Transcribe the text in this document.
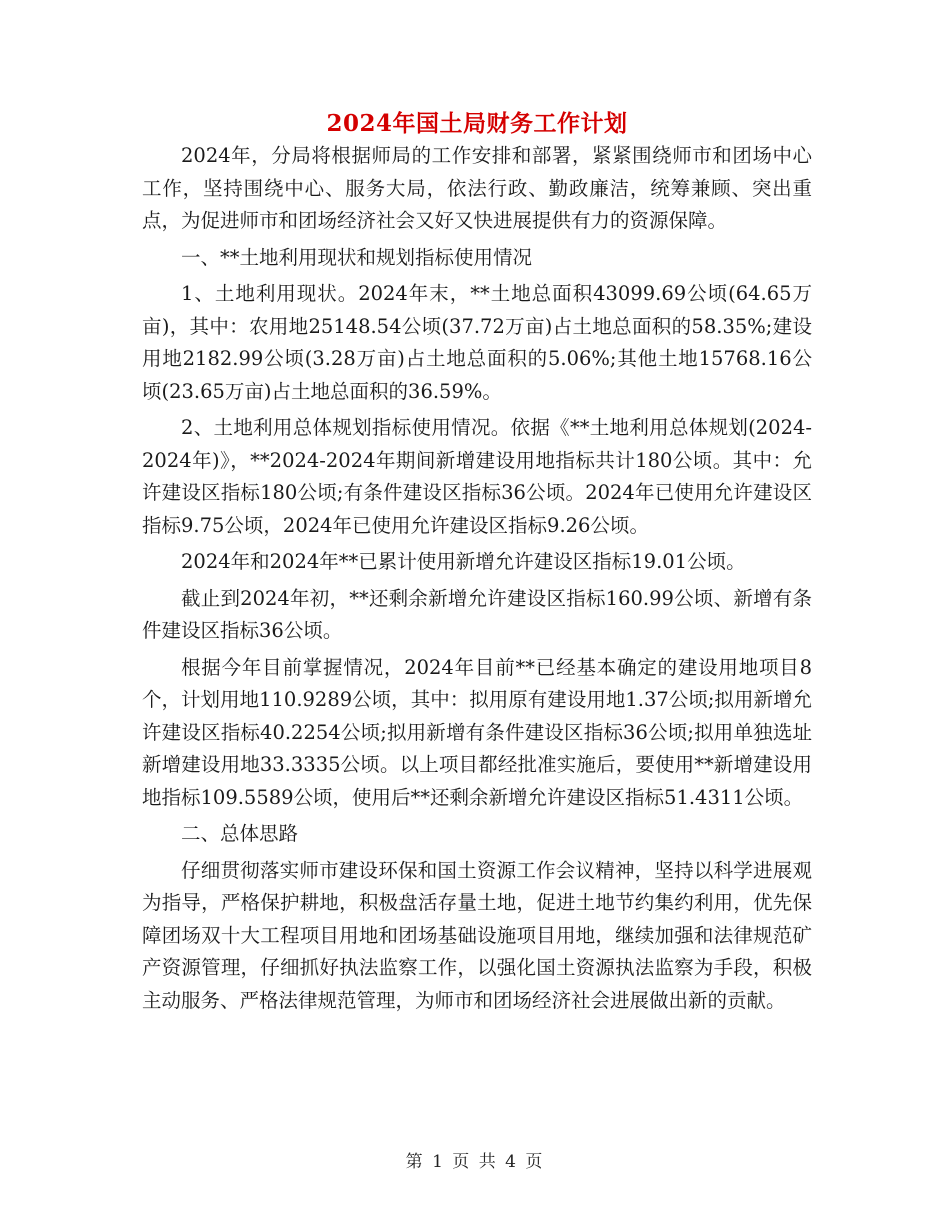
2024年国土局财务工作计划

2024年，分局将根据师局的工作安排和部署，紧紧围绕师市和团场中心工作，坚持围绕中心、服务大局，依法行政、勤政廉洁，统筹兼顾、突出重点，为促进师市和团场经济社会又好又快进展提供有力的资源保障。

一、**土地利用现状和规划指标使用情况

1、土地利用现状。2024年末，**土地总面积43099.69公顷(64.65万亩)，其中：农用地25148.54公顷(37.72万亩)占土地总面积的58.35%;建设用地2182.99公顷(3.28万亩)占土地总面积的5.06%;其他土地15768.16公顷(23.65万亩)占土地总面积的36.59%。

2、土地利用总体规划指标使用情况。依据《**土地利用总体规划(2024-2024年)》，**2024-2024年期间新增建设用地指标共计180公顷。其中：允许建设区指标180公顷;有条件建设区指标36公顷。2024年已使用允许建设区指标9.75公顷，2024年已使用允许建设区指标9.26公顷。

2024年和2024年**已累计使用新增允许建设区指标19.01公顷。

截止到2024年初，**还剩余新增允许建设区指标160.99公顷、新增有条件建设区指标36公顷。

根据今年目前掌握情况，2024年目前**已经基本确定的建设用地项目8个，计划用地110.9289公顷，其中：拟用原有建设用地1.37公顷;拟用新增允许建设区指标40.2254公顷;拟用新增有条件建设区指标36公顷;拟用单独选址新增建设用地33.3335公顷。以上项目都经批准实施后，要使用**新增建设用地指标109.5589公顷，使用后**还剩余新增允许建设区指标51.4311公顷。

二、总体思路

仔细贯彻落实师市建设环保和国土资源工作会议精神，坚持以科学进展观为指导，严格保护耕地，积极盘活存量土地，促进土地节约集约利用，优先保障团场双十大工程项目用地和团场基础设施项目用地，继续加强和法律规范矿产资源管理，仔细抓好执法监察工作，以强化国土资源执法监察为手段，积极主动服务、严格法律规范管理，为师市和团场经济社会进展做出新的贡献。

第 1 页 共 4 页
